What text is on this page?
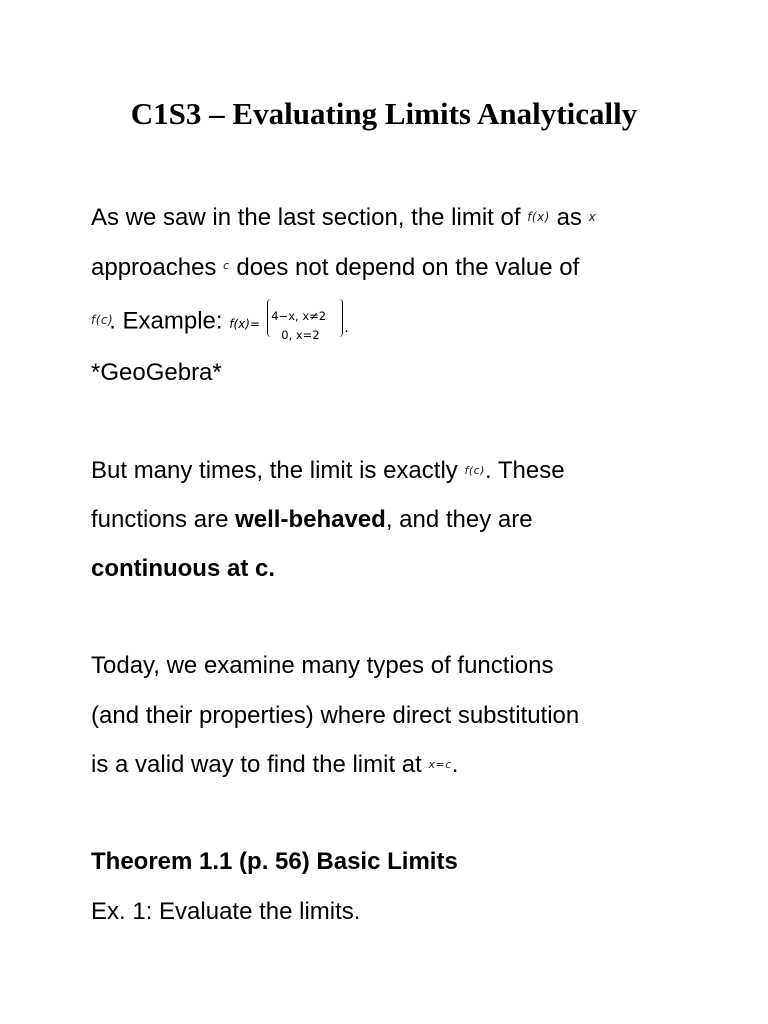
C1S3 – Evaluating Limits Analytically
As we saw in the last section, the limit of f(x) as x
approaches $^c$ does not depend on the value of
f(c). Example: f(x)=
4−x, x≠2
0, x=2 .
*GeoGebra*
But many times, the limit is exactly f(c). These
functions are well-behaved, and they are
continuous at c.
Today, we examine many types of functions
(and their properties) where direct substitution
is a valid way to find the limit at x=c.
Theorem 1.1 (p. 56) Basic Limits
Ex. 1: Evaluate the limits.
